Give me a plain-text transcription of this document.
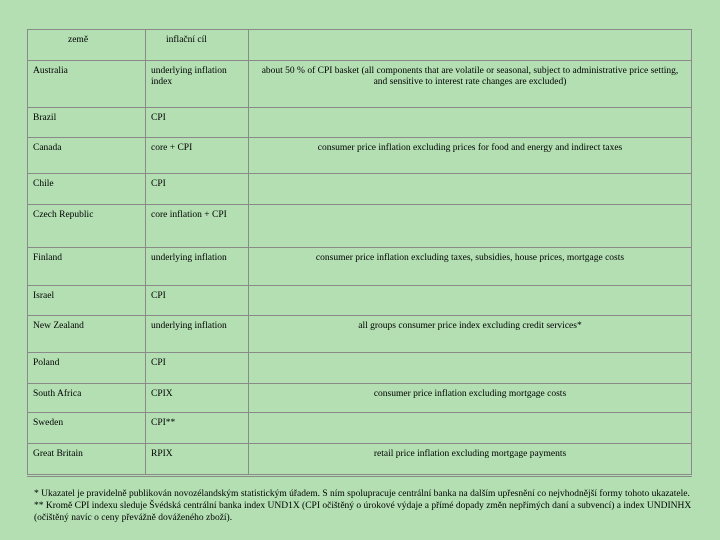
země	inflační cíl	
Australia	underlying inflation index	about 50 % of CPI basket (all components that are volatile or seasonal, subject to administrative price setting, and sensitive to interest rate changes are excluded)
Brazil	CPI	
Canada	core + CPI	consumer price inflation excluding prices for food and energy and indirect taxes
Chile	CPI	
Czech Republic	core inflation + CPI	
Finland	underlying inflation	consumer price inflation excluding taxes, subsidies, house prices, mortgage costs
Israel	CPI	
New Zealand	underlying inflation	all groups consumer price index excluding credit services*
Poland	CPI	
South Africa	CPIX	consumer price inflation excluding mortgage costs
Sweden	CPI**	
Great Britain	RPIX	retail price inflation excluding mortgage payments

* Ukazatel je pravidelně publikován novozélandským statistickým úřadem. S ním spolupracuje centrální banka na dalším upřesnění co nejvhodnější formy tohoto ukazatele.

** Kromě CPI indexu sleduje Švédská centrální banka index UND1X (CPI očištěný o úrokové výdaje a přímé dopady změn nepřímých daní a subvencí) a index UNDINHX (očištěný navíc o ceny převážně dováženého zboží).
